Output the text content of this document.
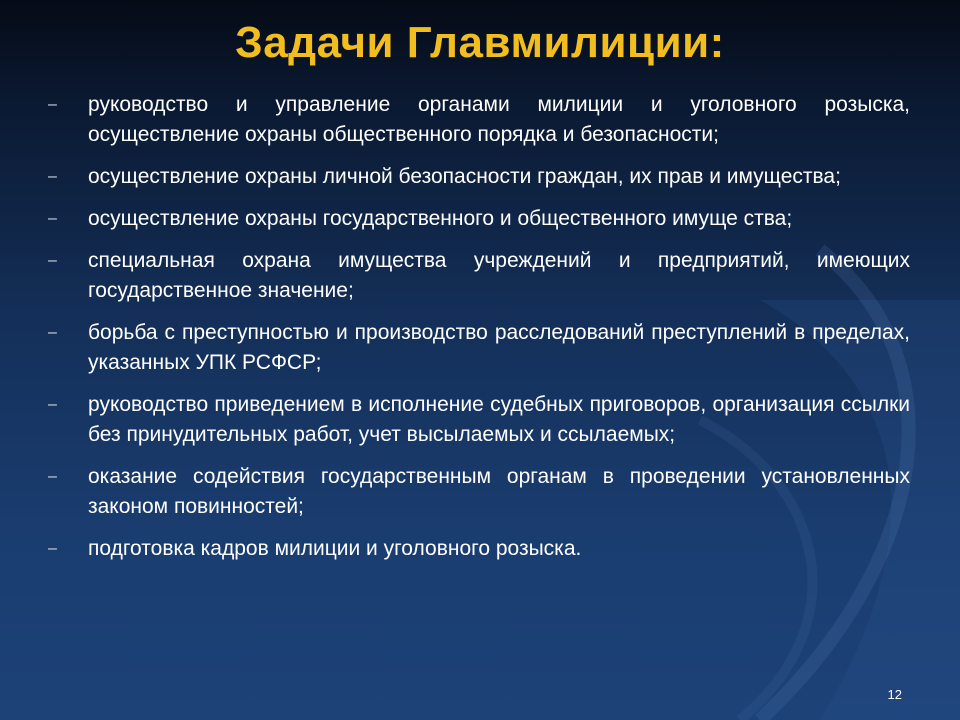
Задачи Главмилиции:
–	руководство и управление органами милиции и уголовного розыска, осуществление охраны общественного порядка и безопасности;
–	осуществление охраны личной безопасности граждан, их прав и имущества;
–	осуществление охраны государственного и общественного имуще ства;
–	специальная охрана имущества учреждений и предприятий, имеющих государственное значение;
–	борьба с преступностью и производство расследований преступлений в пределах, указанных УПК РСФСР;
–	руководство приведением в исполнение судебных приговоров, организация ссылки без принудительных работ, учет высылаемых и ссылаемых;
–	оказание содействия государственным органам в проведении установленных законом повинностей;
–	подготовка кадров милиции и уголовного розыска.
12
